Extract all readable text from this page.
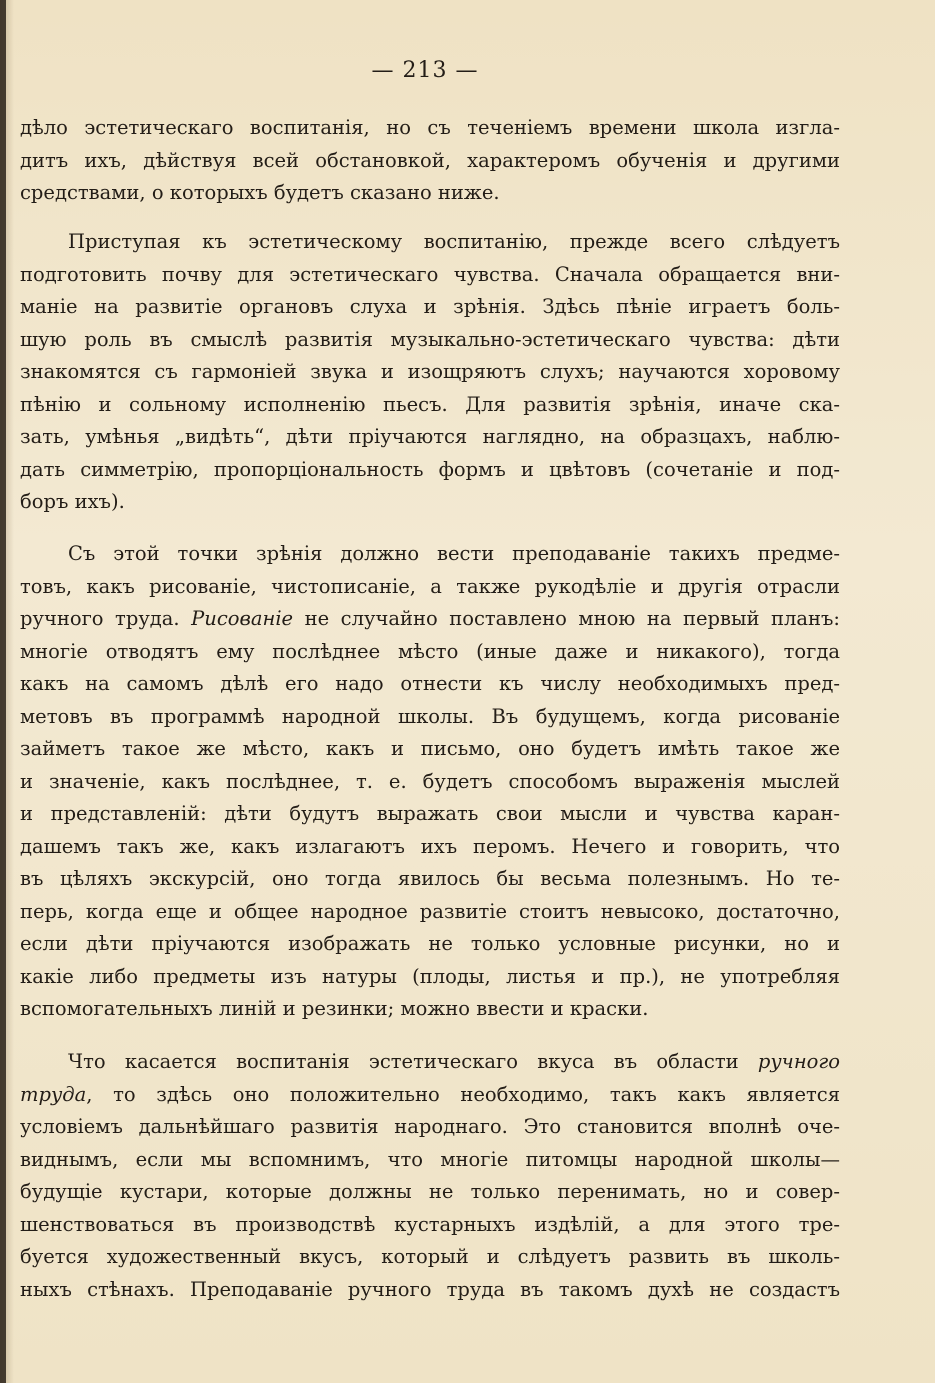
— 213 —
дѣло эстетическаго воспитанія, но съ теченіемъ времени школа изгла-
дитъ ихъ, дѣйствуя всей обстановкой, характеромъ обученія и другими
средствами, о которыхъ будетъ сказано ниже.
Приступая къ эстетическому воспитанію, прежде всего слѣдуетъ
подготовить почву для эстетическаго чувства. Сначала обращается вни-
маніе на развитіе органовъ слуха и зрѣнія. Здѣсь пѣніе играетъ боль-
шую роль въ смыслѣ развитія музыкально-эстетическаго чувства: дѣти
знакомятся съ гармоніей звука и изощряютъ слухъ; научаются хоровому
пѣнію и сольному исполненію пьесъ. Для развитія зрѣнія, иначе ска-
зать, умѣнья „видѣть“, дѣти пріучаются наглядно, на образцахъ, наблю-
дать симметрію, пропорціональность формъ и цвѣтовъ (сочетаніе и под-
боръ ихъ).
Съ этой точки зрѣнія должно вести преподаваніе такихъ предме-
товъ, какъ рисованіе, чистописаніе, а также рукодѣліе и другія отрасли
ручного труда. Рисованіе не случайно поставлено мною на первый планъ:
многіе отводятъ ему послѣднее мѣсто (иные даже и никакого), тогда
какъ на самомъ дѣлѣ его надо отнести къ числу необходимыхъ пред-
метовъ въ программѣ народной школы. Въ будущемъ, когда рисованіе
займетъ такое же мѣсто, какъ и письмо, оно будетъ имѣть такое же
и значеніе, какъ послѣднее, т. е. будетъ способомъ выраженія мыслей
и представленій: дѣти будутъ выражать свои мысли и чувства каран-
дашемъ такъ же, какъ излагаютъ ихъ перомъ. Нечего и говорить, что
въ цѣляхъ экскурсій, оно тогда явилось бы весьма полезнымъ. Но те-
перь, когда еще и общее народное развитіе стоитъ невысоко, достаточно,
если дѣти пріучаются изображать не только условные рисунки, но и
какіе либо предметы изъ натуры (плоды, листья и пр.), не употребляя
вспомогательныхъ линій и резинки; можно ввести и краски.
Что касается воспитанія эстетическаго вкуса въ области ручного
труда, то здѣсь оно положительно необходимо, такъ какъ является
условіемъ дальнѣйшаго развитія народнаго. Это становится вполнѣ оче-
виднымъ, если мы вспомнимъ, что многіе питомцы народной школы—
будущіе кустари, которые должны не только перенимать, но и совер-
шенствоваться въ производствѣ кустарныхъ издѣлій, а для этого тре-
буется художественный вкусъ, который и слѣдуетъ развить въ школь-
ныхъ стѣнахъ. Преподаваніе ручного труда въ такомъ духѣ не создастъ
